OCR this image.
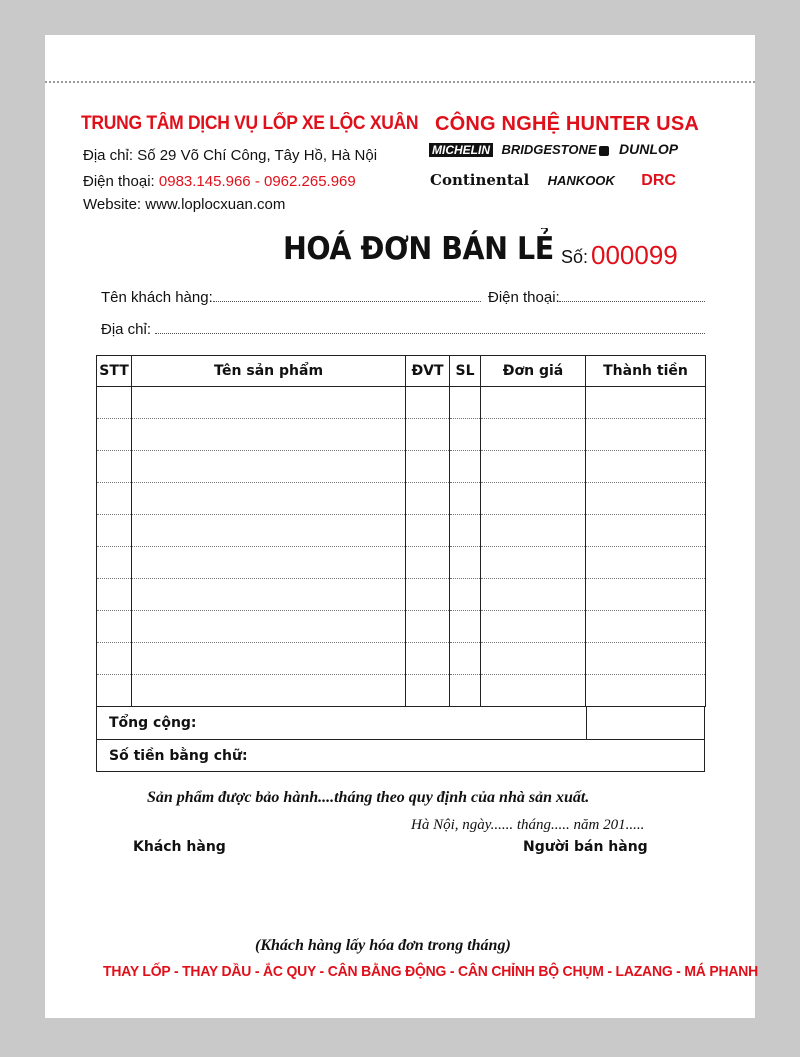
TRUNG TÂM DỊCH VỤ LỐP XE LỘC XUÂN
Địa chỉ: Số 29 Võ Chí Công, Tây Hồ, Hà Nội
Điện thoại: 0983.145.966 - 0962.265.969
Website: www.loplocxuan.com
CÔNG NGHỆ HUNTER USA
MICHELIN BRIDGESTONE DUNLOP
Continental HANKOOK DRC
HOÁ ĐƠN BÁN LẺ Số: 000099
Tên khách hàng:	Điện thoại:
Địa chỉ:
STT	Tên sản phẩm	ĐVT	SL	Đơn giá	Thành tiền

Tổng cộng:
Số tiền bằng chữ:
Sản phẩm được bảo hành....tháng theo quy định của nhà sản xuất.
Hà Nội, ngày...... tháng..... năm 201.....
Khách hàng	Người bán hàng
(Khách hàng lấy hóa đơn trong tháng)
THAY LỐP - THAY DẦU - ẮC QUY - CÂN BẰNG ĐỘNG - CÂN CHỈNH BỘ CHỤM - LAZANG - MÁ PHANH
